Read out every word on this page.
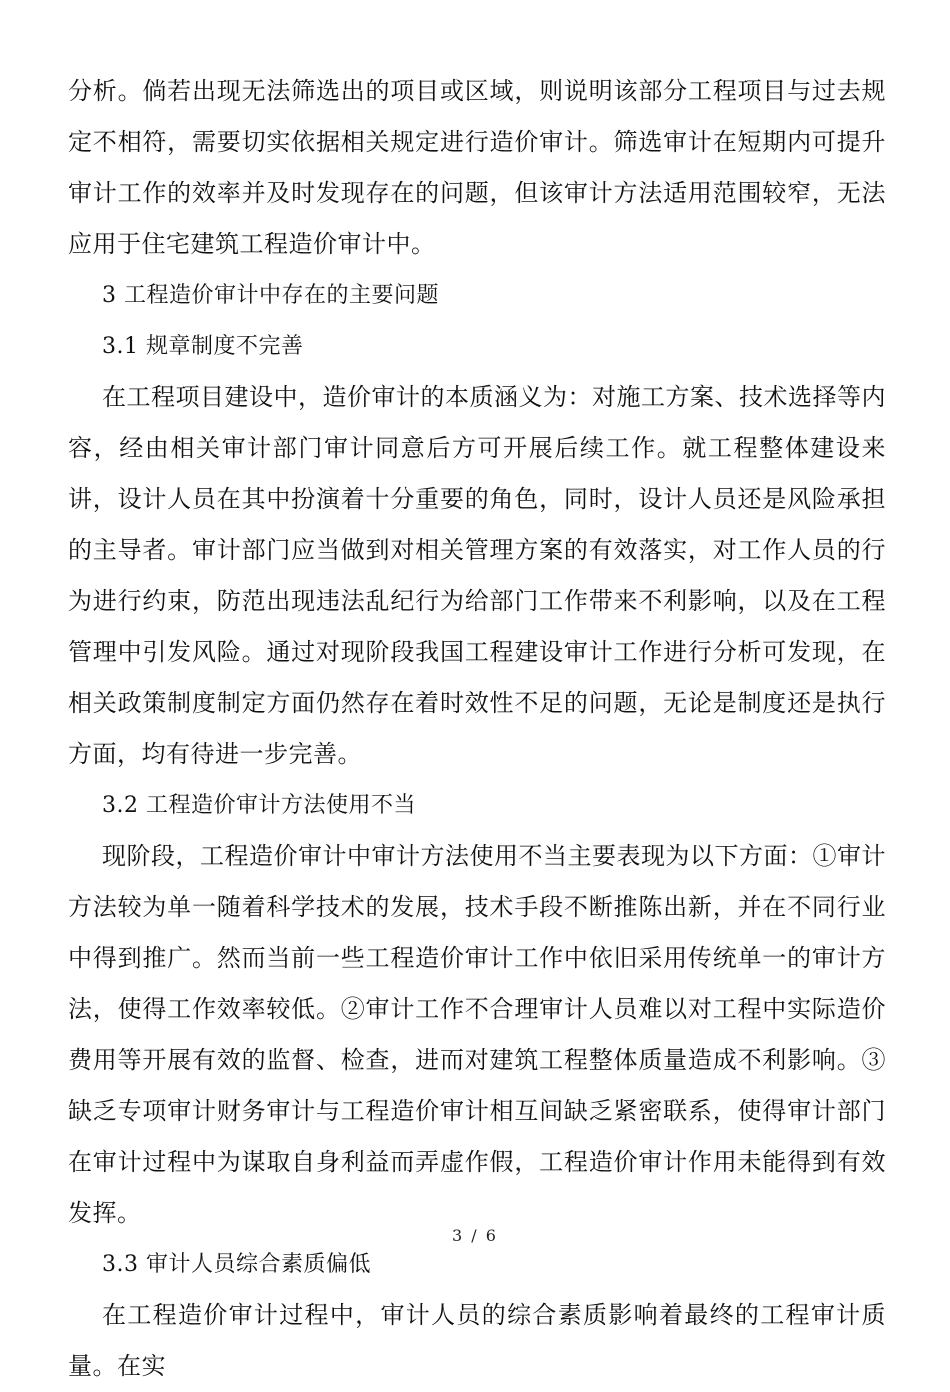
分析。倘若出现无法筛选出的项目或区域，则说明该部分工程项目与过去规定不相符，需要切实依据相关规定进行造价审计。筛选审计在短期内可提升审计工作的效率并及时发现存在的问题，但该审计方法适用范围较窄，无法应用于住宅建筑工程造价审计中。

3 工程造价审计中存在的主要问题

3.1 规章制度不完善

在工程项目建设中，造价审计的本质涵义为：对施工方案、技术选择等内容，经由相关审计部门审计同意后方可开展后续工作。就工程整体建设来讲，设计人员在其中扮演着十分重要的角色，同时，设计人员还是风险承担的主导者。审计部门应当做到对相关管理方案的有效落实，对工作人员的行为进行约束，防范出现违法乱纪行为给部门工作带来不利影响，以及在工程管理中引发风险。通过对现阶段我国工程建设审计工作进行分析可发现，在相关政策制度制定方面仍然存在着时效性不足的问题，无论是制度还是执行方面，均有待进一步完善。

3.2 工程造价审计方法使用不当

现阶段，工程造价审计中审计方法使用不当主要表现为以下方面：①审计方法较为单一随着科学技术的发展，技术手段不断推陈出新，并在不同行业中得到推广。然而当前一些工程造价审计工作中依旧采用传统单一的审计方法，使得工作效率较低。②审计工作不合理审计人员难以对工程中实际造价费用等开展有效的监督、检查，进而对建筑工程整体质量造成不利影响。③缺乏专项审计财务审计与工程造价审计相互间缺乏紧密联系，使得审计部门在审计过程中为谋取自身利益而弄虚作假，工程造价审计作用未能得到有效发挥。

3.3 审计人员综合素质偏低

在工程造价审计过程中，审计人员的综合素质影响着最终的工程审计质量。在实

3 / 6
